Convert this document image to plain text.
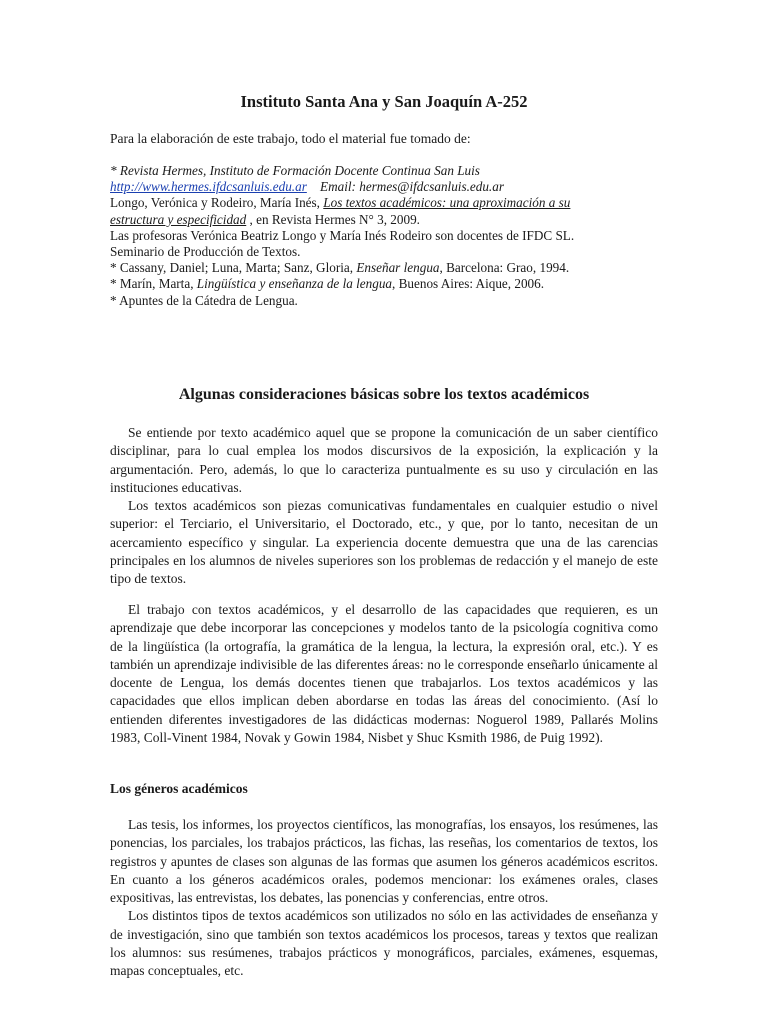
Instituto Santa Ana y San Joaquín A-252
Para la elaboración de este trabajo, todo el material fue tomado de:
* Revista Hermes, Instituto de Formación Docente Continua San Luis
http://www.hermes.ifdcsanluis.edu.ar Email: hermes@ifdcsanluis.edu.ar
Longo, Verónica y Rodeiro, María Inés, Los textos académicos: una aproximación a su
estructura y especificidad , en Revista Hermes N° 3, 2009.
Las profesoras Verónica Beatriz Longo y María Inés Rodeiro son docentes de IFDC SL.
Seminario de Producción de Textos.
* Cassany, Daniel; Luna, Marta; Sanz, Gloria, Enseñar lengua, Barcelona: Grao, 1994.
* Marín, Marta, Lingüística y enseñanza de la lengua, Buenos Aires: Aique, 2006.
* Apuntes de la Cátedra de Lengua.
Algunas consideraciones básicas sobre los textos académicos

Se entiende por texto académico aquel que se propone la comunicación de un saber científico disciplinar, para lo cual emplea los modos discursivos de la exposición, la explicación y la argumentación. Pero, además, lo que lo caracteriza puntualmente es su uso y circulación en las instituciones educativas.

Los textos académicos son piezas comunicativas fundamentales en cualquier estudio o nivel superior: el Terciario, el Universitario, el Doctorado, etc., y que, por lo tanto, necesitan de un acercamiento específico y singular. La experiencia docente demuestra que una de las carencias principales en los alumnos de niveles superiores son los problemas de redacción y el manejo de este tipo de textos.

El trabajo con textos académicos, y el desarrollo de las capacidades que requieren, es un aprendizaje que debe incorporar las concepciones y modelos tanto de la psicología cognitiva como de la lingüística (la ortografía, la gramática de la lengua, la lectura, la expresión oral, etc.). Y es también un aprendizaje indivisible de las diferentes áreas: no le corresponde enseñarlo únicamente al docente de Lengua, los demás docentes tienen que trabajarlos. Los textos académicos y las capacidades que ellos implican deben abordarse en todas las áreas del conocimiento. (Así lo entienden diferentes investigadores de las didácticas modernas: Noguerol 1989, Pallarés Molins 1983, Coll-Vinent 1984, Novak y Gowin 1984, Nisbet y Shuc Ksmith 1986, de Puig 1992).

Los géneros académicos

Las tesis, los informes, los proyectos científicos, las monografías, los ensayos, los resúmenes, las ponencias, los parciales, los trabajos prácticos, las fichas, las reseñas, los comentarios de textos, los registros y apuntes de clases son algunas de las formas que asumen los géneros académicos escritos. En cuanto a los géneros académicos orales, podemos mencionar: los exámenes orales, clases expositivas, las entrevistas, los debates, las ponencias y conferencias, entre otros.

Los distintos tipos de textos académicos son utilizados no sólo en las actividades de enseñanza y de investigación, sino que también son textos académicos los procesos, tareas y textos que realizan los alumnos: sus resúmenes, trabajos prácticos y monográficos, parciales, exámenes, esquemas, mapas conceptuales, etc.
